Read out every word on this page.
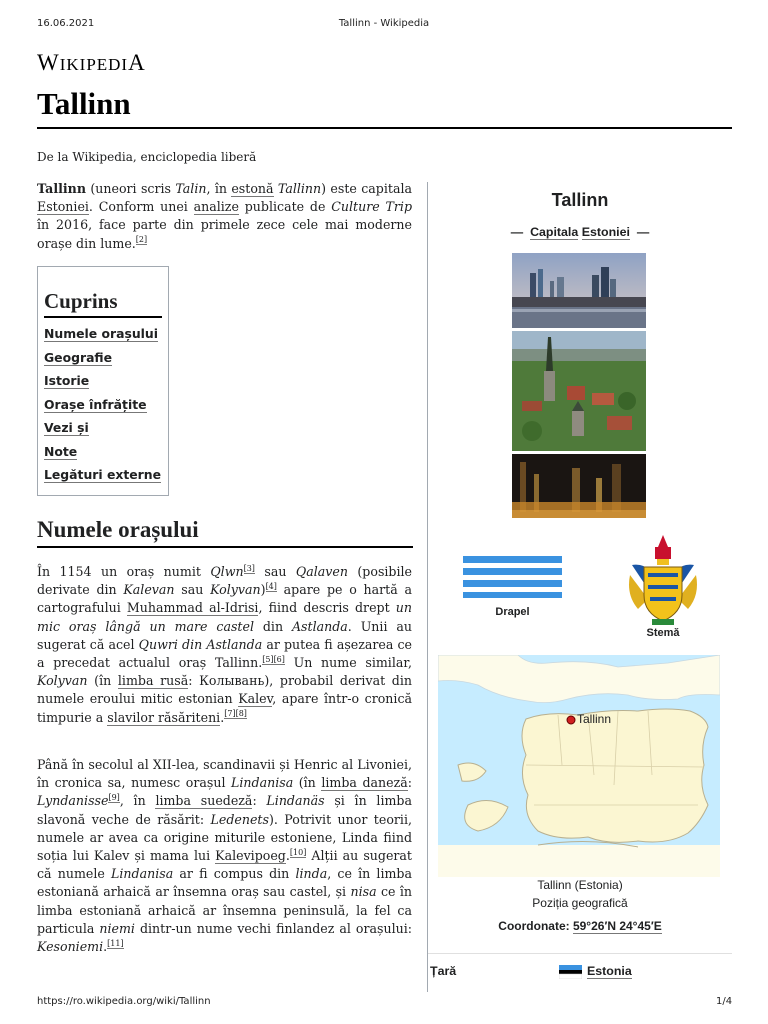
16.06.2021	Tallinn - Wikipedia
WIKIPEDIA
Tallinn
De la Wikipedia, enciclopedia liberă
Tallinn (uneori scris Talin, în estonă Tallinn) este capitala Estoniei. Conform unei analize publicate de Culture Trip în 2016, face parte din primele zece cele mai moderne orașe din lume.[2]
Cuprins
Numele orașului
Geografie
Istorie
Orașe înfrățite
Vezi și
Note
Legături externe
Numele orașului
În 1154 un oraș numit Qlwn[3] sau Qalaven (posibile derivate din Kalevan sau Kolyvan)[4] apare pe o hartă a cartografului Muhammad al-Idrisi, fiind descris drept un mic oraș lângă un mare castel din Astlanda. Unii au sugerat că acel Quwri din Astlanda ar putea fi așezarea ce a precedat actualul oraș Tallinn.[5][6] Un nume similar, Kolyvan (în limba rusă: Колывань), probabil derivat din numele eroului mitic estonian Kalev, apare într-o cronică timpurie a slavilor răsăriteni.[7][8]
Până în secolul al XII-lea, scandinavii și Henric al Livoniei, în cronica sa, numesc orașul Lindanisa (în limba daneză: Lyndanisse[9], în limba suedeză: Lindanäs și în limba slavonă veche de răsărit: Ledenets). Potrivit unor teorii, numele ar avea ca origine miturile estoniene, Linda fiind soția lui Kalev și mama lui Kalevipoeg.[10] Alții au sugerat că numele Lindanisa ar fi compus din linda, ce în limba estoniană arhaică ar însemna oraș sau castel, și nisa ce în limba estoniană arhaică ar însemna peninsulă, la fel ca particula niemi dintr-un nume vechi finlandez al orașului: Kesoniemi.[11]
Tallinn
— Capitala Estoniei —
Drapel
Stemă
Tallinn
Tallinn (Estonia)
Poziția geografică
Coordonate: 59°26′N 24°45′E
Țară	Estonia
https://ro.wikipedia.org/wiki/Tallinn	1/4
